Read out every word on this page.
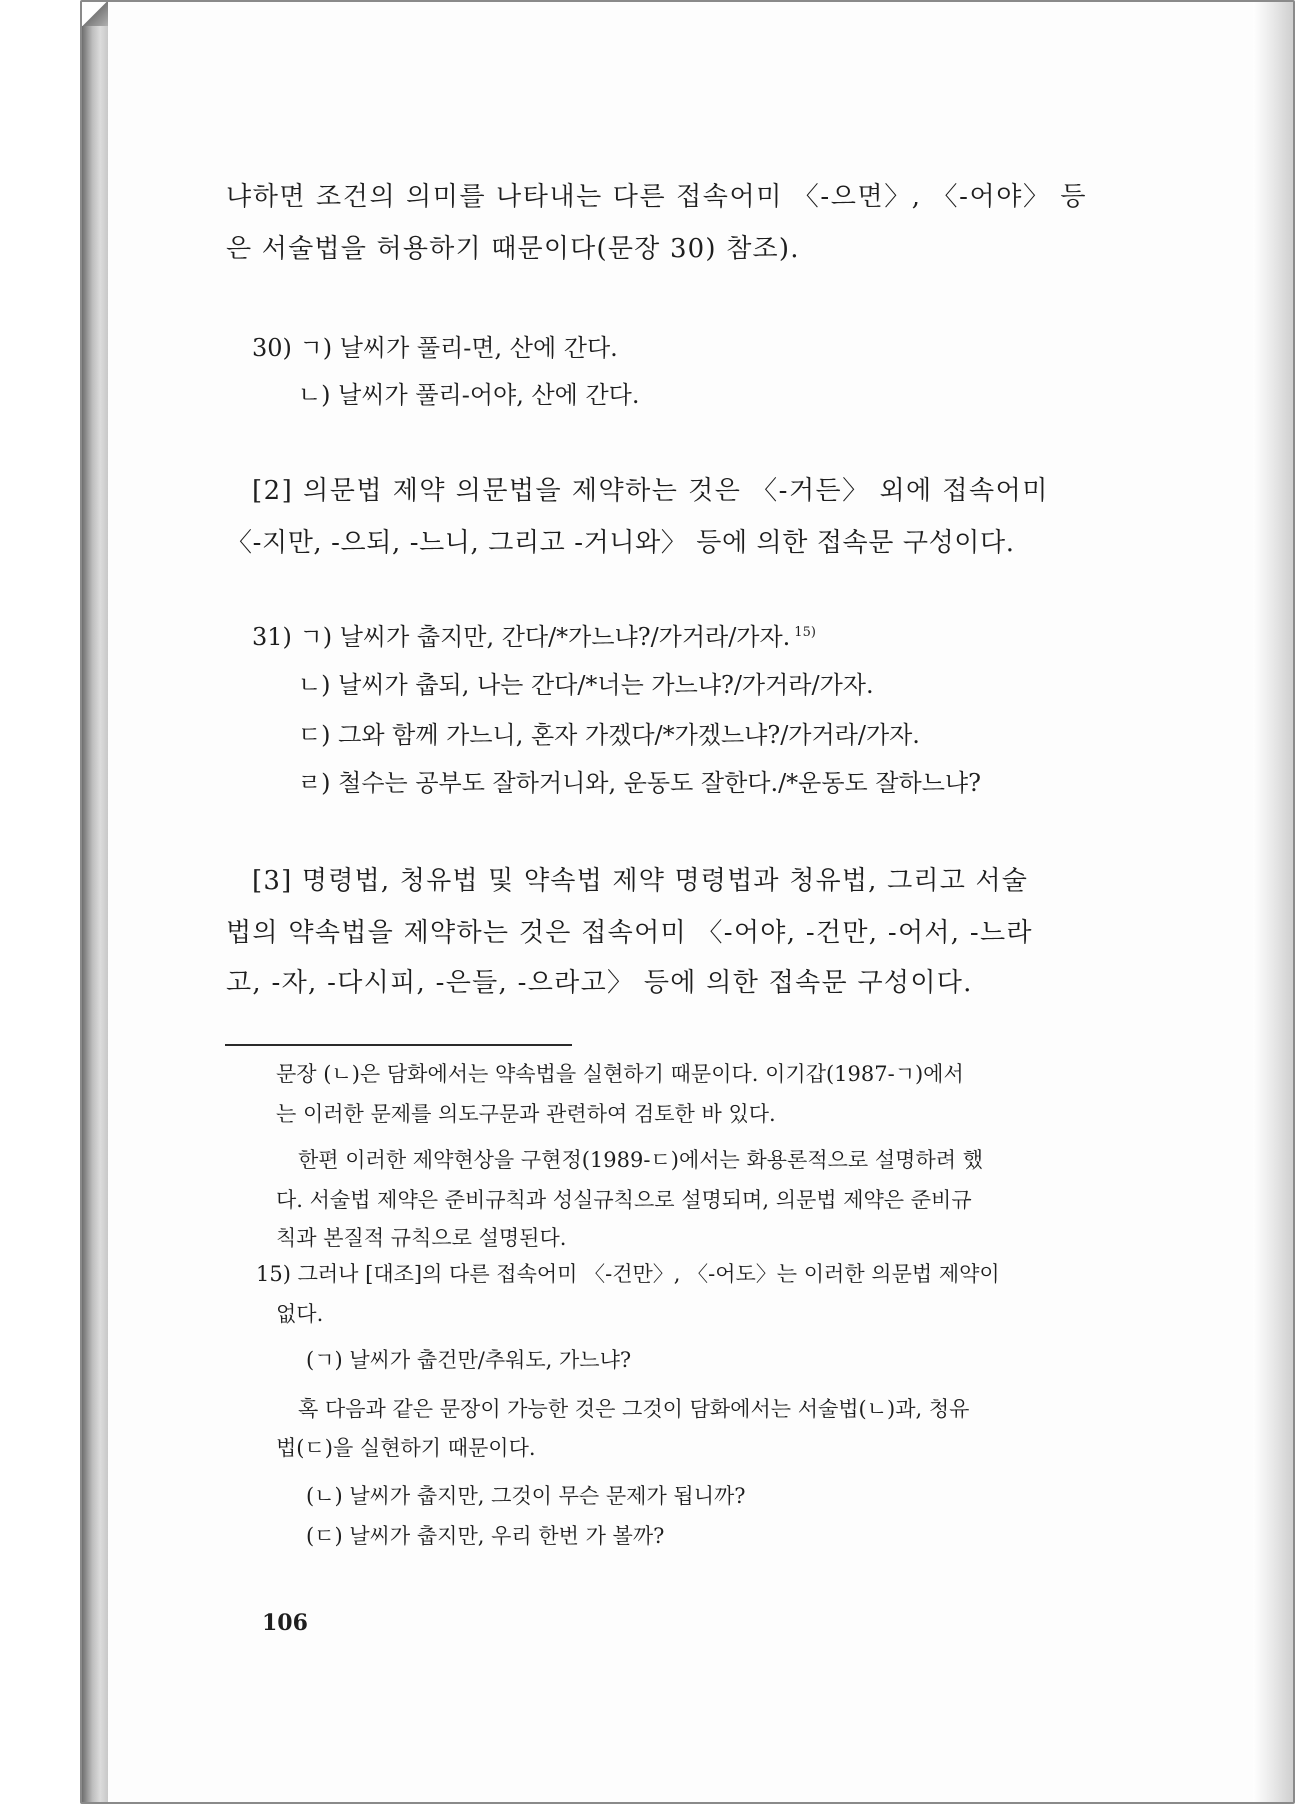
냐하면 조건의 의미를 나타내는 다른 접속어미 〈-으면〉, 〈-어야〉 등
은 서술법을 허용하기 때문이다(문장 30) 참조).
30) ㄱ) 날씨가 풀리-면, 산에 간다.
ㄴ) 날씨가 풀리-어야, 산에 간다.
[2] 의문법 제약 의문법을 제약하는 것은 〈-거든〉 외에 접속어미
〈-지만, -으되, -느니, 그리고 -거니와〉 등에 의한 접속문 구성이다.
31) ㄱ) 날씨가 춥지만, 간다/*가느냐?/가거라/가자. $^{15)}$
ㄴ) 날씨가 춥되, 나는 간다/*너는 가느냐?/가거라/가자.
ㄷ) 그와 함께 가느니, 혼자 가겠다/*가겠느냐?/가거라/가자.
ㄹ) 철수는 공부도 잘하거니와, 운동도 잘한다./*운동도 잘하느냐?
[3] 명령법, 청유법 및 약속법 제약 명령법과 청유법, 그리고 서술
법의 약속법을 제약하는 것은 접속어미 〈-어야, -건만, -어서, -느라
고, -자, -다시피, -은들, -으라고〉 등에 의한 접속문 구성이다.
문장 (ㄴ)은 담화에서는 약속법을 실현하기 때문이다. 이기갑(1987-ㄱ)에서
는 이러한 문제를 의도구문과 관련하여 검토한 바 있다.
한편 이러한 제약현상을 구현정(1989-ㄷ)에서는 화용론적으로 설명하려 했
다. 서술법 제약은 준비규칙과 성실규칙으로 설명되며, 의문법 제약은 준비규
칙과 본질적 규칙으로 설명된다.
15) 그러나 [대조]의 다른 접속어미 〈-건만〉, 〈-어도〉는 이러한 의문법 제약이
없다.
(ㄱ) 날씨가 춥건만/추워도, 가느냐?
혹 다음과 같은 문장이 가능한 것은 그것이 담화에서는 서술법(ㄴ)과, 청유
법(ㄷ)을 실현하기 때문이다.
(ㄴ) 날씨가 춥지만, 그것이 무슨 문제가 됩니까?
(ㄷ) 날씨가 춥지만, 우리 한번 가 볼까?
106
